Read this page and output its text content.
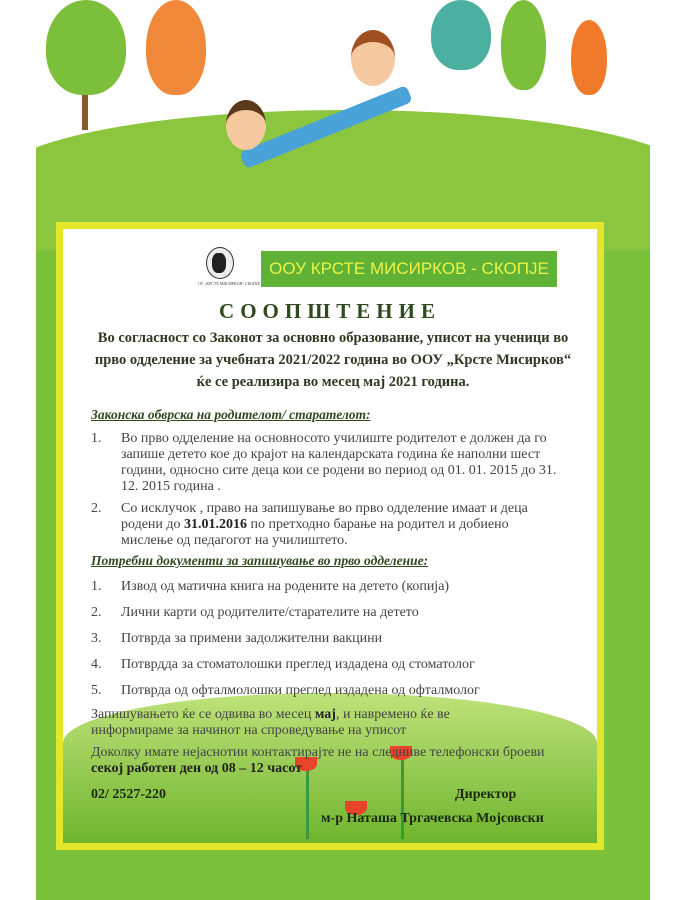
ОУ „КРСТЕ МИСИРКОВ“ СКОПЈЕ
ООУ КРСТЕ МИСИРКОВ - СКОПЈЕ
СООПШТЕНИЕ
Во согласност со Законот за основно образование, уписот на ученици во прво одделение за учебната 2021/2022 година во ООУ „Крсте Мисирков“ ќе се реализира во месец мај 2021 година.
Законска обврска на родителот/ старателот:
1.	Во прво одделение на основносото училиште родителот е должен да го запише детето кое до крајот на календарската година ќе наполни шест години, односно сите деца кои се родени во период од 01. 01. 2015 до 31. 12. 2015 година .
2.	Со исклучок , право на запишување во прво одделение имаат и деца родени до 31.01.2016 по претходно барање на родител и добиено мислење од педагогот на училиштето.
Потребни документи за запишување во прво одделение:
1.	Извод од матична книга на родените на детето (копија)
2.	Лични карти од родителите/старателите на детето
3.	Потврда за примени задолжителни вакцини
4.	Потврдда за стоматолошки преглед издадена од стоматолог
5.	Потврда од офталмолошки преглед издадена од офталмолог
Запишувањето ќе се одвива во месец мај, и навремено ќе ве информираме за начинот на спроведување на уписот
Доколку имате нејаснотии контактирајте не на следниве телефонски броеви секој работен ден од 08 – 12 часот
02/ 2527-220	Директор
м-р Наташа Тргачевска Мојсовски
